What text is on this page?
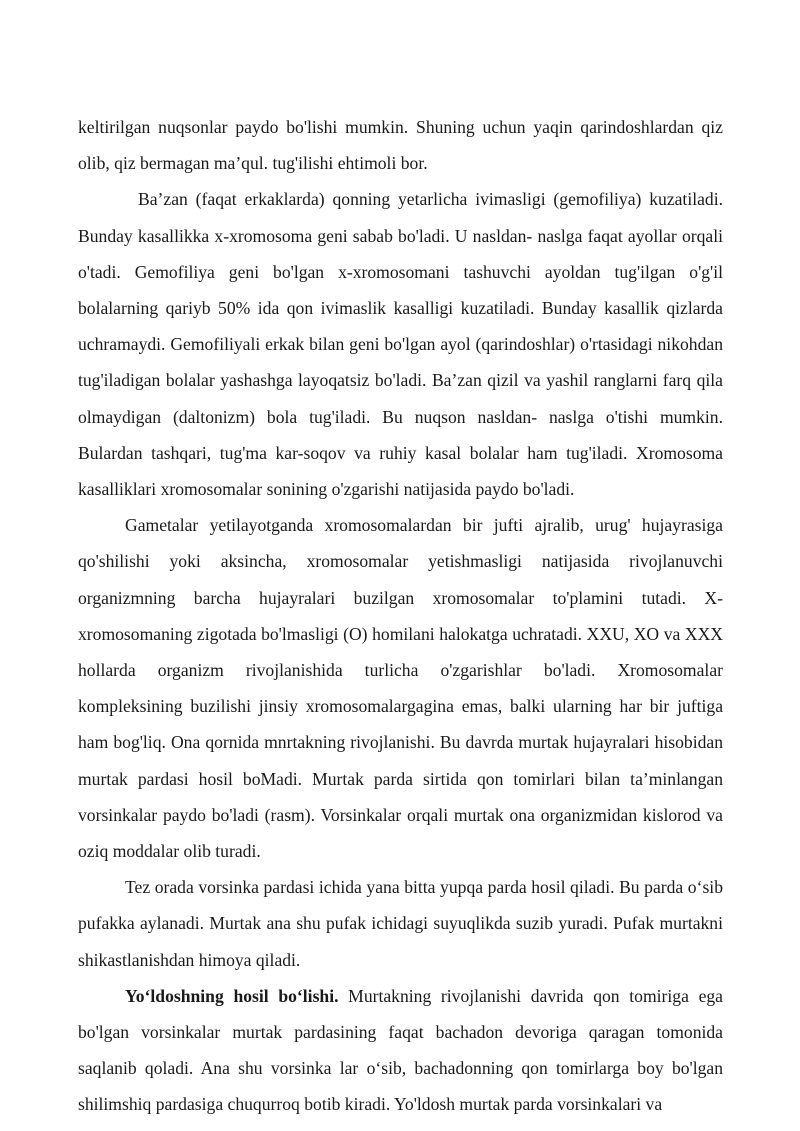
keltirilgan nuqsonlar paydo bo'lishi mumkin. Shuning uchun yaqin qarindoshlardan qiz olib, qiz bermagan ma’qul. tug'ilishi ehtimoli bor.

Ba’zan (faqat erkaklarda) qonning yetarlicha ivimasligi (gemofiliya) kuzatiladi. Bunday kasallikka x-xromosoma geni sabab bo'ladi. U nasldan- naslga faqat ayollar orqali o'tadi. Gemofiliya geni bo'lgan x-xromosomani tashuvchi ayoldan tug'ilgan o'g'il bolalarning qariyb 50% ida qon ivimaslik kasalligi kuzatiladi. Bunday kasallik qizlarda uchramaydi. Gemofiliyali erkak bilan geni bo'lgan ayol (qarindoshlar) o'rtasidagi nikohdan tug'iladigan bolalar yashashga layoqatsiz bo'ladi. Ba’zan qizil va yashil ranglarni farq qila olmaydigan (daltonizm) bola tug'iladi. Bu nuqson nasldan- naslga o'tishi mumkin. Bulardan tashqari, tug'ma kar-soqov va ruhiy kasal bolalar ham tug'iladi. Xromosoma kasalliklari xromosomalar sonining o'zgarishi natijasida paydo bo'ladi.

Gametalar yetilayotganda xromosomalardan bir jufti ajralib, urug' hujayrasiga qo'shilishi yoki aksincha, xromosomalar yetishmasligi natijasida rivojlanuvchi organizmning barcha hujayralari buzilgan xromosomalar to'plamini tutadi. X-xromosomaning zigotada bo'lmasligi (O) homilani halokatga uchratadi. XXU, XO va XXX hollarda organizm rivojlanishida turlicha o'zgarishlar bo'ladi. Xromosomalar kompleksining buzilishi jinsiy xromosomalargagina emas, balki ularning har bir juftiga ham bog'liq. Ona qornida mnrtakning rivojlanishi. Bu davrda murtak hujayralari hisobidan murtak pardasi hosil boMadi. Murtak parda sirtida qon tomirlari bilan ta’minlangan vorsinkalar paydo bo'ladi (rasm). Vorsinkalar orqali murtak ona organizmidan kislorod va oziq moddalar olib turadi.

Tez orada vorsinka pardasi ichida yana bitta yupqa parda hosil qiladi. Bu parda o‘sib pufakka aylanadi. Murtak ana shu pufak ichidagi suyuqlikda suzib yuradi. Pufak murtakni shikastlanishdan himoya qiladi.

Yo‘ldoshning hosil bo‘lishi. Murtakning rivojlanishi davrida qon tomiriga ega bo'lgan vorsinkalar murtak pardasining faqat bachadon devoriga qaragan tomonida saqlanib qoladi. Ana shu vorsinka lar o‘sib, bachadonning qon tomirlarga boy bo'lgan shilimshiq pardasiga chuqurroq botib kiradi. Yo'ldosh murtak parda vorsinkalari va
